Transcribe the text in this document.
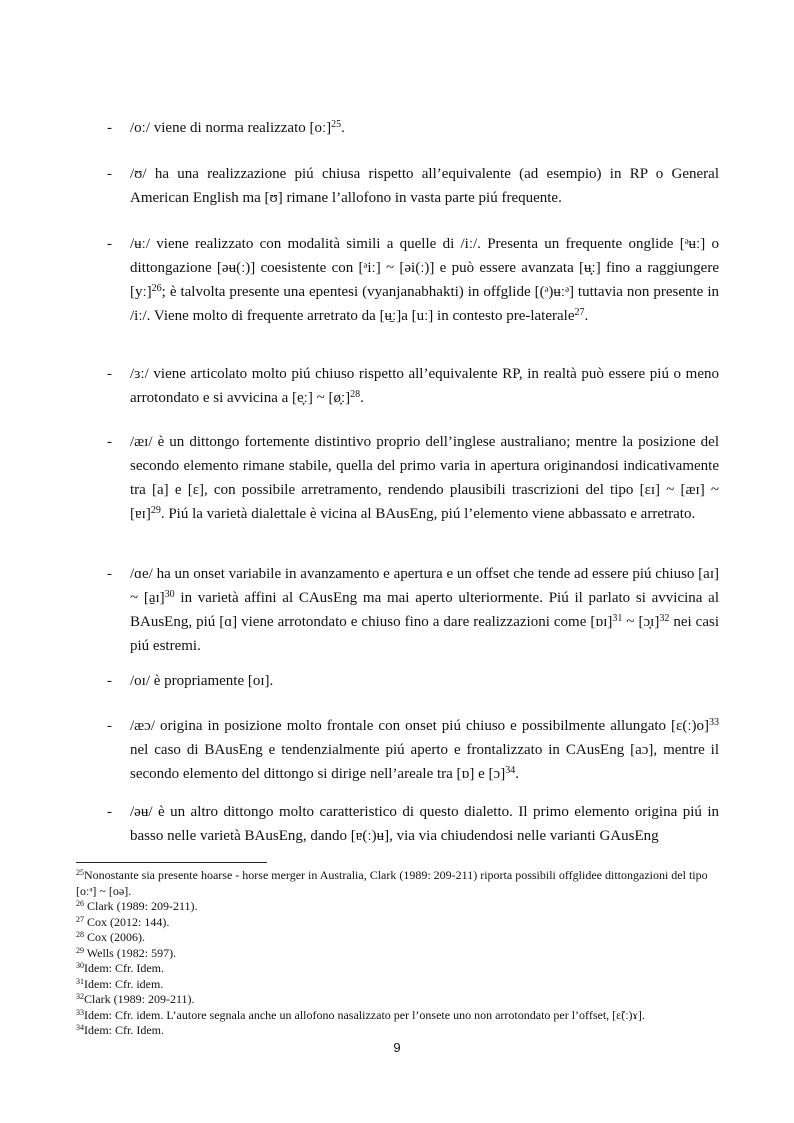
- /oː/ viene di norma realizzato [oː]$^{25}$.
- /ʊ/ ha una realizzazione piú chiusa rispetto all’equivalente (ad esempio) in RP o General American English ma [ʊ] rimane l’allofono in vasta parte piú frequente.
- /ʉː/ viene realizzato con modalità simili a quelle di /iː/. Presenta un frequente onglide [ᵊʉː] o dittongazione [əʉ(ː)] coesistente con [ᵊiː] ~ [əi(ː)] e può essere avanzata [ʉ̟ː] fino a raggiungere [yː]$^{26}$; è talvolta presente una epentesi (vyanjanabhakti) in offglide [(ᵊ)ʉːᵊ] tuttavia non presente in /iː/. Viene molto di frequente arretrato da [ʉ̠ː]a [uː] in contesto pre-laterale$^{27}$.
- /ɜː/ viene articolato molto piú chiuso rispetto all’equivalente RP, in realtà può essere piú o meno arrotondato e si avvicina a [e̞ː] ~ [ø̞ː]$^{28}$.
- /æɪ/ è un dittongo fortemente distintivo proprio dell’inglese australiano; mentre la posizione del secondo elemento rimane stabile, quella del primo varia in apertura originandosi indicativamente tra [a] e [ɛ], con possibile arretramento, rendendo plausibili trascrizioni del tipo [ɛɪ] ~ [æɪ] ~ [ɐɪ]$^{29}$. Piú la varietà dialettale è vicina al BAusEng, piú l’elemento viene abbassato e arretrato.
- /ɑe/ ha un onset variabile in avanzamento e apertura e un offset che tende ad essere piú chiuso [aɪ] ~ [a̠ɪ]$^{30}$ in varietà affini al CAusEng ma mai aperto ulteriormente. Piú il parlato si avvicina al BAusEng, piú [ɑ] viene arrotondato e chiuso fino a dare realizzazioni come [ɒɪ]$^{31}$ ~ [ɔ̞ɪ]$^{32}$ nei casi piú estremi.
- /oɪ/ è propriamente [oɪ].
- /æɔ/ origina in posizione molto frontale con onset piú chiuso e possibilmente allungato [ɛ(ː)o]$^{33}$ nel caso di BAusEng e tendenzialmente piú aperto e frontalizzato in CAusEng [aɔ], mentre il secondo elemento del dittongo si dirige nell’areale tra [ɒ] e [ɔ]$^{34}$.
- /əʉ/ è un altro dittongo molto caratteristico di questo dialetto. Il primo elemento origina piú in basso nelle varietà BAusEng, dando [ɐ(ː)ʉ], via via chiudendosi nelle varianti GAusEng

$^{25}$Nonostante sia presente hoarse - horse merger in Australia, Clark (1989: 209-211) riporta possibili offglidee dittongazioni del tipo [oːᵊ] ~ [oə].

$^{26}$ Clark (1989: 209-211).

$^{27}$ Cox (2012: 144).

$^{28}$ Cox (2006).

$^{29}$ Wells (1982: 597).

$^{30}$Idem: Cfr. Idem.

$^{31}$Idem: Cfr. idem.

$^{32}$Clark (1989: 209-211).

$^{33}$Idem: Cfr. idem. L’autore segnala anche un allofono nasalizzato per l’onsete uno non arrotondato per l’offset, [ɛ̃(ː)ɤ].

$^{34}$Idem: Cfr. Idem.

9
